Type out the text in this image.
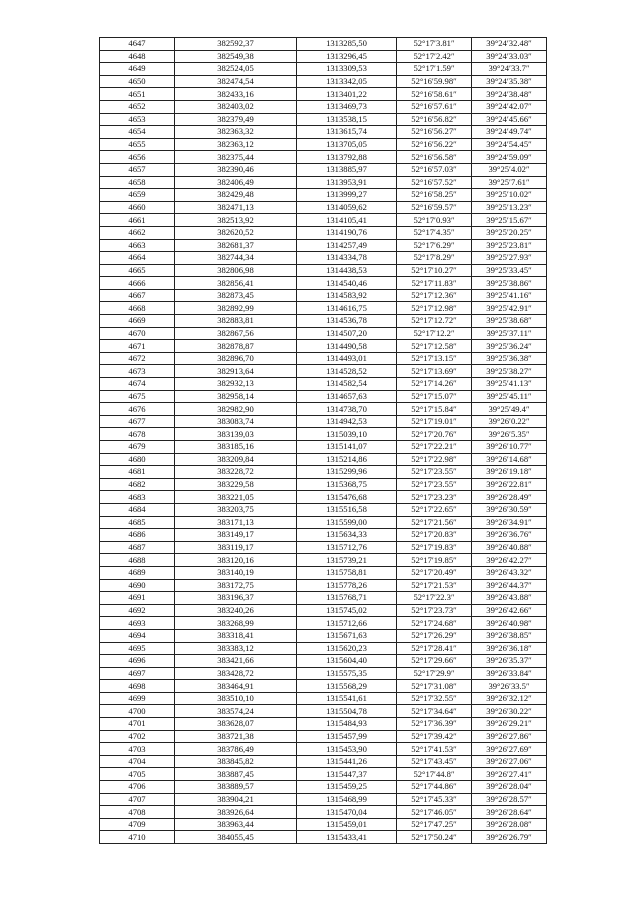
4647	382592,37	1313285,50	52°17′3.81″	39°24′32.48″
4648	382549,38	1313296,45	52°17′2.42″	39°24′33.03″
4649	382524,05	1313309,53	52°17′1.59″	39°24′33.7″
4650	382474,54	1313342,05	52°16′59.98″	39°24′35.38″
4651	382433,16	1313401,22	52°16′58.61″	39°24′38.48″
4652	382403,02	1313469,73	52°16′57.61″	39°24′42.07″
4653	382379,49	1313538,15	52°16′56.82″	39°24′45.66″
4654	382363,32	1313615,74	52°16′56.27″	39°24′49.74″
4655	382363,12	1313705,05	52°16′56.22″	39°24′54.45″
4656	382375,44	1313792,88	52°16′56.58″	39°24′59.09″
4657	382390,46	1313885,97	52°16′57.03″	39°25′4.02″
4658	382406,49	1313953,91	52°16′57.52″	39°25′7.61″
4659	382429,48	1313999,27	52°16′58.25″	39°25′10.02″
4660	382471,13	1314059,62	52°16′59.57″	39°25′13.23″
4661	382513,92	1314105,41	52°17′0.93″	39°25′15.67″
4662	382620,52	1314190,76	52°17′4.35″	39°25′20.25″
4663	382681,37	1314257,49	52°17′6.29″	39°25′23.81″
4664	382744,34	1314334,78	52°17′8.29″	39°25′27.93″
4665	382806,98	1314438,53	52°17′10.27″	39°25′33.45″
4666	382856,41	1314540,46	52°17′11.83″	39°25′38.86″
4667	382873,45	1314583,92	52°17′12.36″	39°25′41.16″
4668	382892,99	1314616,75	52°17′12.98″	39°25′42.91″
4669	382883,81	1314536,78	52°17′12.72″	39°25′38.68″
4670	382867,56	1314507,20	52°17′12.2″	39°25′37.11″
4671	382878,87	1314490,58	52°17′12.58″	39°25′36.24″
4672	382896,70	1314493,01	52°17′13.15″	39°25′36.38″
4673	382913,64	1314528,52	52°17′13.69″	39°25′38.27″
4674	382932,13	1314582,54	52°17′14.26″	39°25′41.13″
4675	382958,14	1314657,63	52°17′15.07″	39°25′45.11″
4676	382982,90	1314738,70	52°17′15.84″	39°25′49.4″
4677	383083,74	1314942,53	52°17′19.01″	39°26′0.22″
4678	383139,03	1315039,10	52°17′20.76″	39°26′5.35″
4679	383185,16	1315141,07	52°17′22.21″	39°26′10.77″
4680	383209,84	1315214,86	52°17′22.98″	39°26′14.68″
4681	383228,72	1315299,96	52°17′23.55″	39°26′19.18″
4682	383229,58	1315368,75	52°17′23.55″	39°26′22.81″
4683	383221,05	1315476,68	52°17′23.23″	39°26′28.49″
4684	383203,75	1315516,58	52°17′22.65″	39°26′30.59″
4685	383171,13	1315599,00	52°17′21.56″	39°26′34.91″
4686	383149,17	1315634,33	52°17′20.83″	39°26′36.76″
4687	383119,17	1315712,76	52°17′19.83″	39°26′40.88″
4688	383120,16	1315739,21	52°17′19.85″	39°26′42.27″
4689	383140,19	1315758,81	52°17′20.49″	39°26′43.32″
4690	383172,75	1315778,26	52°17′21.53″	39°26′44.37″
4691	383196,37	1315768,71	52°17′22.3″	39°26′43.88″
4692	383240,26	1315745,02	52°17′23.73″	39°26′42.66″
4693	383268,99	1315712,66	52°17′24.68″	39°26′40.98″
4694	383318,41	1315671,63	52°17′26.29″	39°26′38.85″
4695	383383,12	1315620,23	52°17′28.41″	39°26′36.18″
4696	383421,66	1315604,40	52°17′29.66″	39°26′35.37″
4697	383428,72	1315575,35	52°17′29.9″	39°26′33.84″
4698	383464,91	1315568,29	52°17′31.08″	39°26′33.5″
4699	383510,10	1315541,61	52°17′32.55″	39°26′32.12″
4700	383574,24	1315504,78	52°17′34.64″	39°26′30.22″
4701	383628,07	1315484,93	52°17′36.39″	39°26′29.21″
4702	383721,38	1315457,99	52°17′39.42″	39°26′27.86″
4703	383786,49	1315453,90	52°17′41.53″	39°26′27.69″
4704	383845,82	1315441,26	52°17′43.45″	39°26′27.06″
4705	383887,45	1315447,37	52°17′44.8″	39°26′27.41″
4706	383889,57	1315459,25	52°17′44.86″	39°26′28.04″
4707	383904,21	1315468,99	52°17′45.33″	39°26′28.57″
4708	383926,64	1315470,04	52°17′46.05″	39°26′28.64″
4709	383963,44	1315459,01	52°17′47.25″	39°26′28.08″
4710	384055,45	1315433,41	52°17′50.24″	39°26′26.79″
